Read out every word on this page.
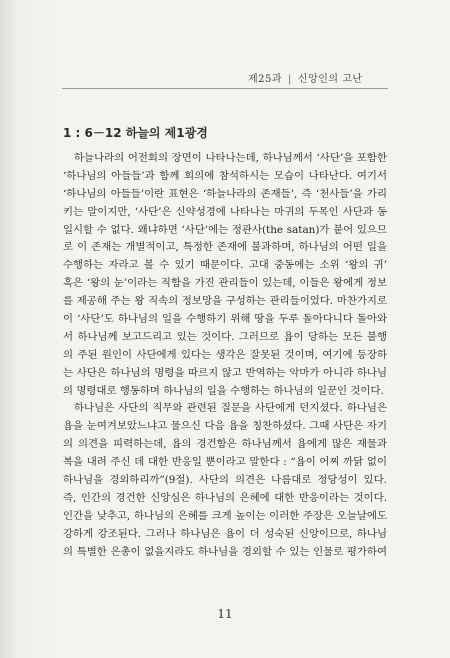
제25과 | 신앙인의 고난
1 : 6－12 하늘의 제1광경
하늘나라의 어전회의 장면이 나타나는데, 하나님께서 ‘사단’을 포함한
‘하나님의 아들들’과 함께 회의에 참석하시는 모습이 나타난다. 여기서
‘하나님의 아들들’이란 표현은 ‘하늘나라의 존재들’, 즉 ‘천사들’을 가리
키는 말이지만, ‘사단’은 신약성경에 나타나는 마귀의 두목인 사단과 동
일시할 수 없다. 왜냐하면 ‘사단’에는 정관사(the satan)가 붙어 있으므
로 이 존재는 개별적이고, 특정한 존재에 불과하며, 하나님의 어떤 일을
수행하는 자라고 볼 수 있기 때문이다. 고대 중동에는 소위 ‘왕의 귀’
혹은 ‘왕의 눈’이라는 직함을 가진 관리들이 있는데, 이들은 왕에게 정보
를 제공해 주는 왕 직속의 정보망을 구성하는 관리들이었다. 마찬가지로
이 ‘사단’도 하나님의 일을 수행하기 위해 땅을 두루 돌아다니다 돌아와
서 하나님께 보고드리고 있는 것이다. 그러므로 욥이 당하는 모든 불행
의 주된 원인이 사단에게 있다는 생각은 잘못된 것이며, 여기에 등장하
는 사단은 하나님의 명령을 따르지 않고 반역하는 악마가 아니라 하나님
의 명령대로 행동하며 하나님의 일을 수행하는 하나님의 일꾼인 것이다.
하나님은 사단의 직무와 관련된 질문을 사단에게 던지셨다. 하나님은
욥을 눈여겨보았느냐고 물으신 다음 욥을 칭찬하셨다. 그때 사단은 자기
의 의견을 피력하는데, 욥의 경건함은 하나님께서 욥에게 많은 재물과
복을 내려 주신 데 대한 반응일 뿐이라고 말한다 : “욥이 어찌 까닭 없이
하나님을 경외하리까”(9절). 사단의 의견은 나름대로 정당성이 있다.
즉, 인간의 경건한 신앙심은 하나님의 은혜에 대한 반응이라는 것이다.
인간을 낮추고, 하나님의 은혜를 크게 높이는 이러한 주장은 오늘날에도
강하게 강조된다. 그러나 하나님은 욥이 더 성숙된 신앙이므로, 하나님
의 특별한 은총이 없을지라도 하나님을 경외할 수 있는 인물로 평가하여
11
